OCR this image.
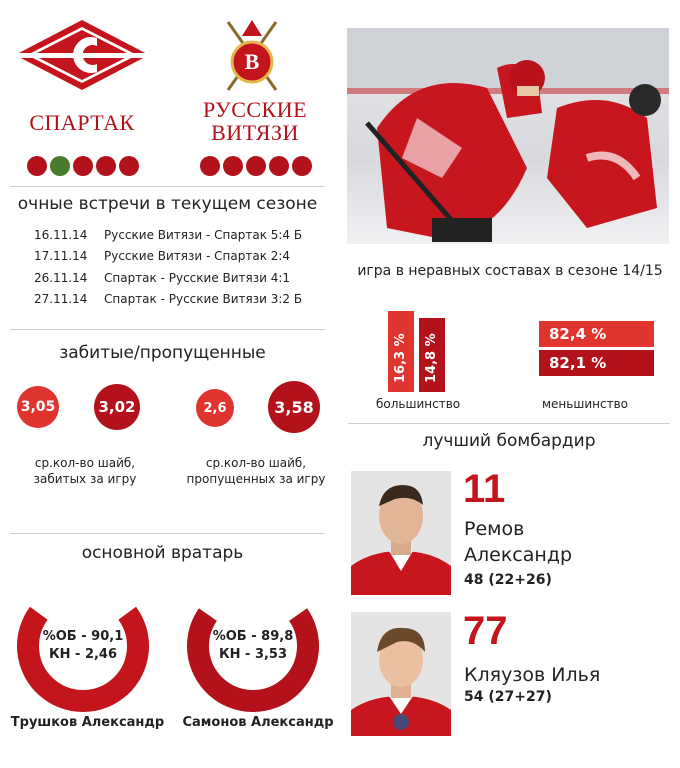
СПАРТАК
В
РУССКИЕ
ВИТЯЗИ
очные встречи в текущем сезоне
16.11.14 Русские Витязи - Спартак 5:4 Б
17.11.14 Русские Витязи - Спартак 2:4
26.11.14 Спартак - Русские Витязи 4:1
27.11.14 Спартак - Русские Витязи 3:2 Б
забитые/пропущенные
3,05	3,02	2,6	3,58
ср.кол-во шайб, забитых за игру
ср.кол-во шайб, пропущенных за игру
основной вратарь
%ОБ - 90,1
КН - 2,46
Трушков Александр
%ОБ - 89,8
КН - 3,53
Самонов Александр
игра в неравных составах в сезоне 14/15
16,3 % 14,8 %
большинство
82,4 %
82,1 %
меньшинство
лучший бомбардир
11
Ремов
Александр
48 (22+26)
77
Кляузов Илья
54 (27+27)
